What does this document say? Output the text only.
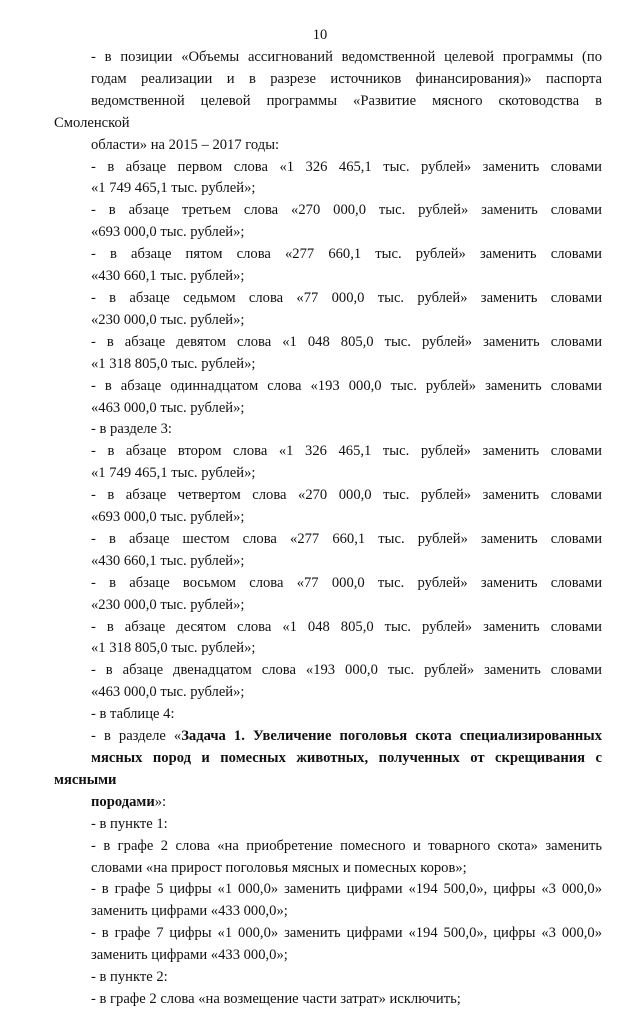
10
- в позиции «Объемы ассигнований ведомственной целевой программы (по
годам реализации и в разрезе источников финансирования)» паспорта
ведомственной целевой программы «Развитие мясного скотоводства в Смоленской
области» на 2015 – 2017 годы:
- в абзаце первом слова «1 326 465,1 тыс. рублей» заменить словами
«1 749 465,1 тыс. рублей»;
- в абзаце третьем слова «270 000,0 тыс. рублей» заменить словами
«693 000,0 тыс. рублей»;
- в абзаце пятом слова «277 660,1 тыс. рублей» заменить словами
«430 660,1 тыс. рублей»;
- в абзаце седьмом слова «77 000,0 тыс. рублей» заменить словами
«230 000,0 тыс. рублей»;
- в абзаце девятом слова «1 048 805,0 тыс. рублей» заменить словами
«1 318 805,0 тыс. рублей»;
- в абзаце одиннадцатом слова «193 000,0 тыс. рублей» заменить словами
«463 000,0 тыс. рублей»;
- в разделе 3:
- в абзаце втором слова «1 326 465,1 тыс. рублей» заменить словами
«1 749 465,1 тыс. рублей»;
- в абзаце четвертом слова «270 000,0 тыс. рублей» заменить словами
«693 000,0 тыс. рублей»;
- в абзаце шестом слова «277 660,1 тыс. рублей» заменить словами
«430 660,1 тыс. рублей»;
- в абзаце восьмом слова «77 000,0 тыс. рублей» заменить словами
«230 000,0 тыс. рублей»;
- в абзаце десятом слова «1 048 805,0 тыс. рублей» заменить словами
«1 318 805,0 тыс. рублей»;
- в абзаце двенадцатом слова «193 000,0 тыс. рублей» заменить словами
«463 000,0 тыс. рублей»;
- в таблице 4:
- в разделе «Задача 1. Увеличение поголовья скота специализированных
мясных пород и помесных животных, полученных от скрещивания с мясными
породами»:
- в пункте 1:
- в графе 2 слова «на приобретение помесного и товарного скота» заменить
словами «на прирост поголовья мясных и помесных коров»;
- в графе 5 цифры «1 000,0» заменить цифрами «194 500,0», цифры «3 000,0»
заменить цифрами «433 000,0»;
- в графе 7 цифры «1 000,0» заменить цифрами «194 500,0», цифры «3 000,0»
заменить цифрами «433 000,0»;
- в пункте 2:
- в графе 2 слова «на возмещение части затрат» исключить;
